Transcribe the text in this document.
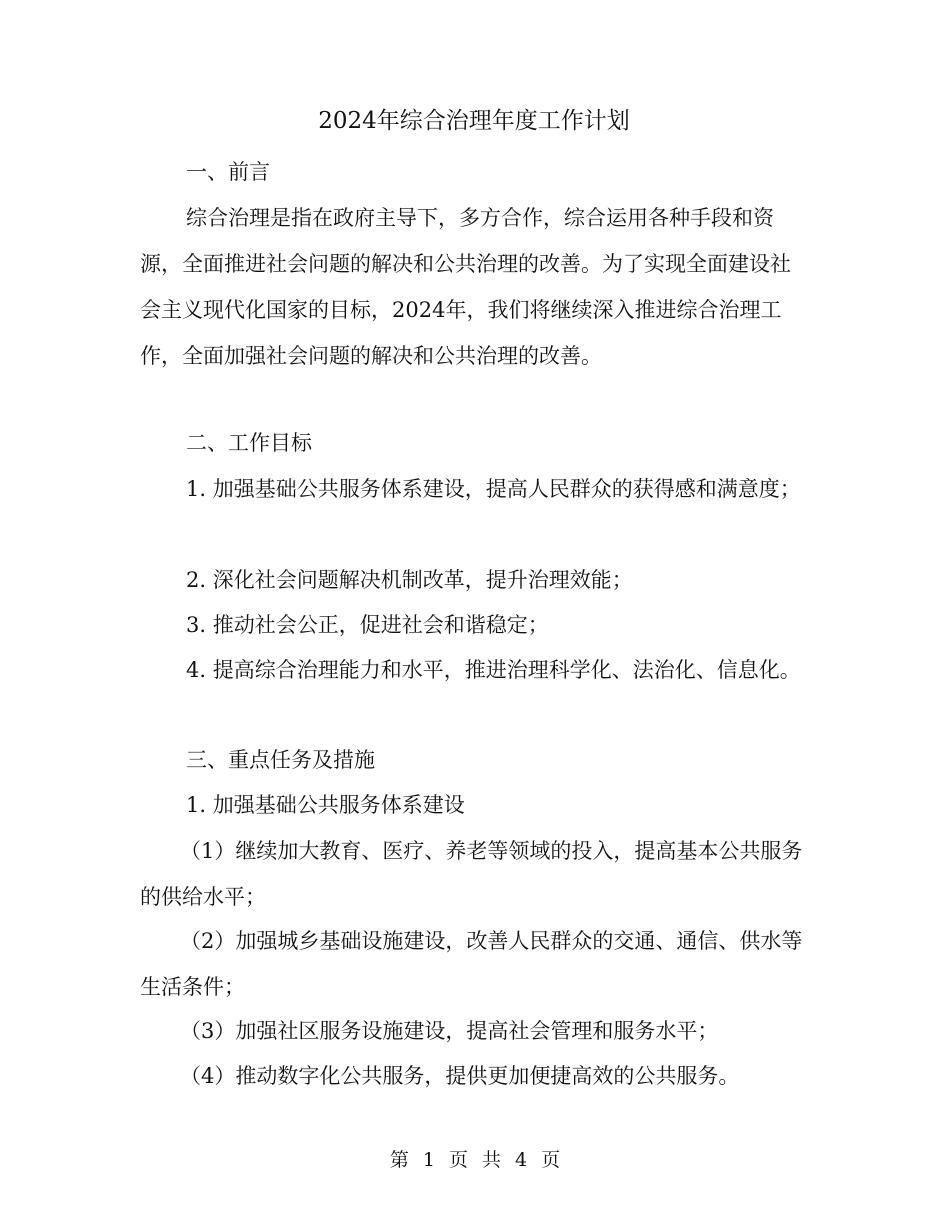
2024年综合治理年度工作计划

一、前言

综合治理是指在政府主导下，多方合作，综合运用各种手段和资源，全面推进社会问题的解决和公共治理的改善。为了实现全面建设社会主义现代化国家的目标，2024年，我们将继续深入推进综合治理工作，全面加强社会问题的解决和公共治理的改善。

二、工作目标

1. 加强基础公共服务体系建设，提高人民群众的获得感和满意度；

2. 深化社会问题解决机制改革，提升治理效能；

3. 推动社会公正，促进社会和谐稳定；

4. 提高综合治理能力和水平，推进治理科学化、法治化、信息化。

三、重点任务及措施

1. 加强基础公共服务体系建设

（1）继续加大教育、医疗、养老等领域的投入，提高基本公共服务的供给水平；

（2）加强城乡基础设施建设，改善人民群众的交通、通信、供水等生活条件；

（3）加强社区服务设施建设，提高社会管理和服务水平；

（4）推动数字化公共服务，提供更加便捷高效的公共服务。

第 1 页 共 4 页
